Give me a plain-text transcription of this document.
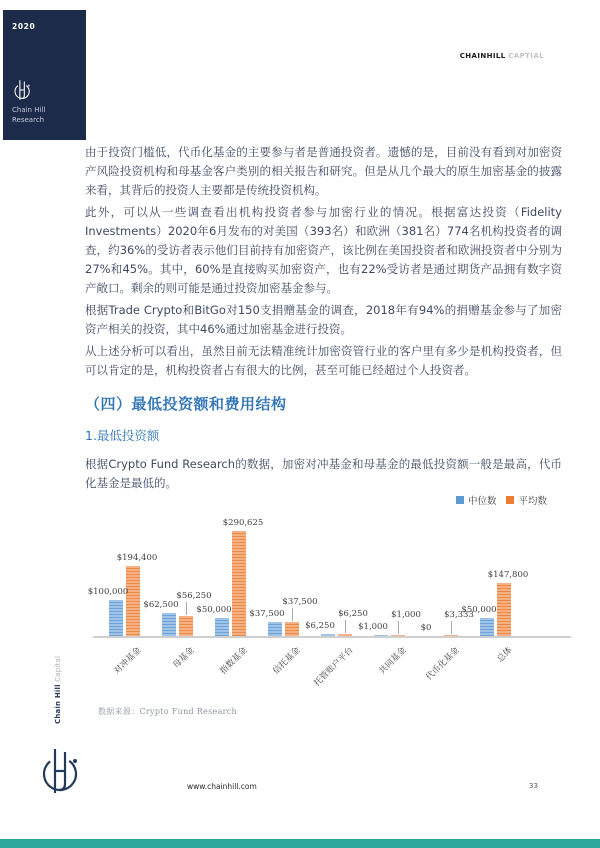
2020
Chain Hill
Research
CHAINHILL CAPTIAL

由于投资门槛低，代币化基金的主要参与者是普通投资者。遗憾的是，目前没有看到对加密资产风险投资机构和母基金客户类别的相关报告和研究。但是从几个最大的原生加密基金的披露来看，其背后的投资人主要都是传统投资机构。

此外，可以从一些调查看出机构投资者参与加密行业的情况。根据富达投资（Fidelity Investments）2020年6月发布的对美国（393名）和欧洲（381名）774名机构投资者的调查，约36%的受访者表示他们目前持有加密资产，该比例在美国投资者和欧洲投资者中分别为27%和45%。其中，60%是直接购买加密资产，也有22%受访者是通过期货产品拥有数字资产敞口。剩余的则可能是通过投资加密基金参与。

根据Trade Crypto和BitGo对150支捐赠基金的调查，2018年有94%的捐赠基金参与了加密资产相关的投资，其中46%通过加密基金进行投资。

从上述分析可以看出，虽然目前无法精准统计加密资管行业的客户里有多少是机构投资者，但可以肯定的是，机构投资者占有很大的比例，甚至可能已经超过个人投资者。

（四）最低投资额和费用结构
1.最低投资额

根据Crypto Fund Research的数据，加密对冲基金和母基金的最低投资额一般是最高，代币化基金是最低的。

中位数 平均数
$100,000
$194,400
对冲基金
$62,500
$56,250
母基金
$50,000
$290,625
指数基金
$37,500
$37,500
信托基金
$6,250
$6,250
托管账户平台
$1,000
$1,000
共同基金
$0
$3,333
代币化基金
$50,000
$147,800
总体
数据来源：Crypto Fund Research
Chain Hill Capital
www.chainhill.com	33
